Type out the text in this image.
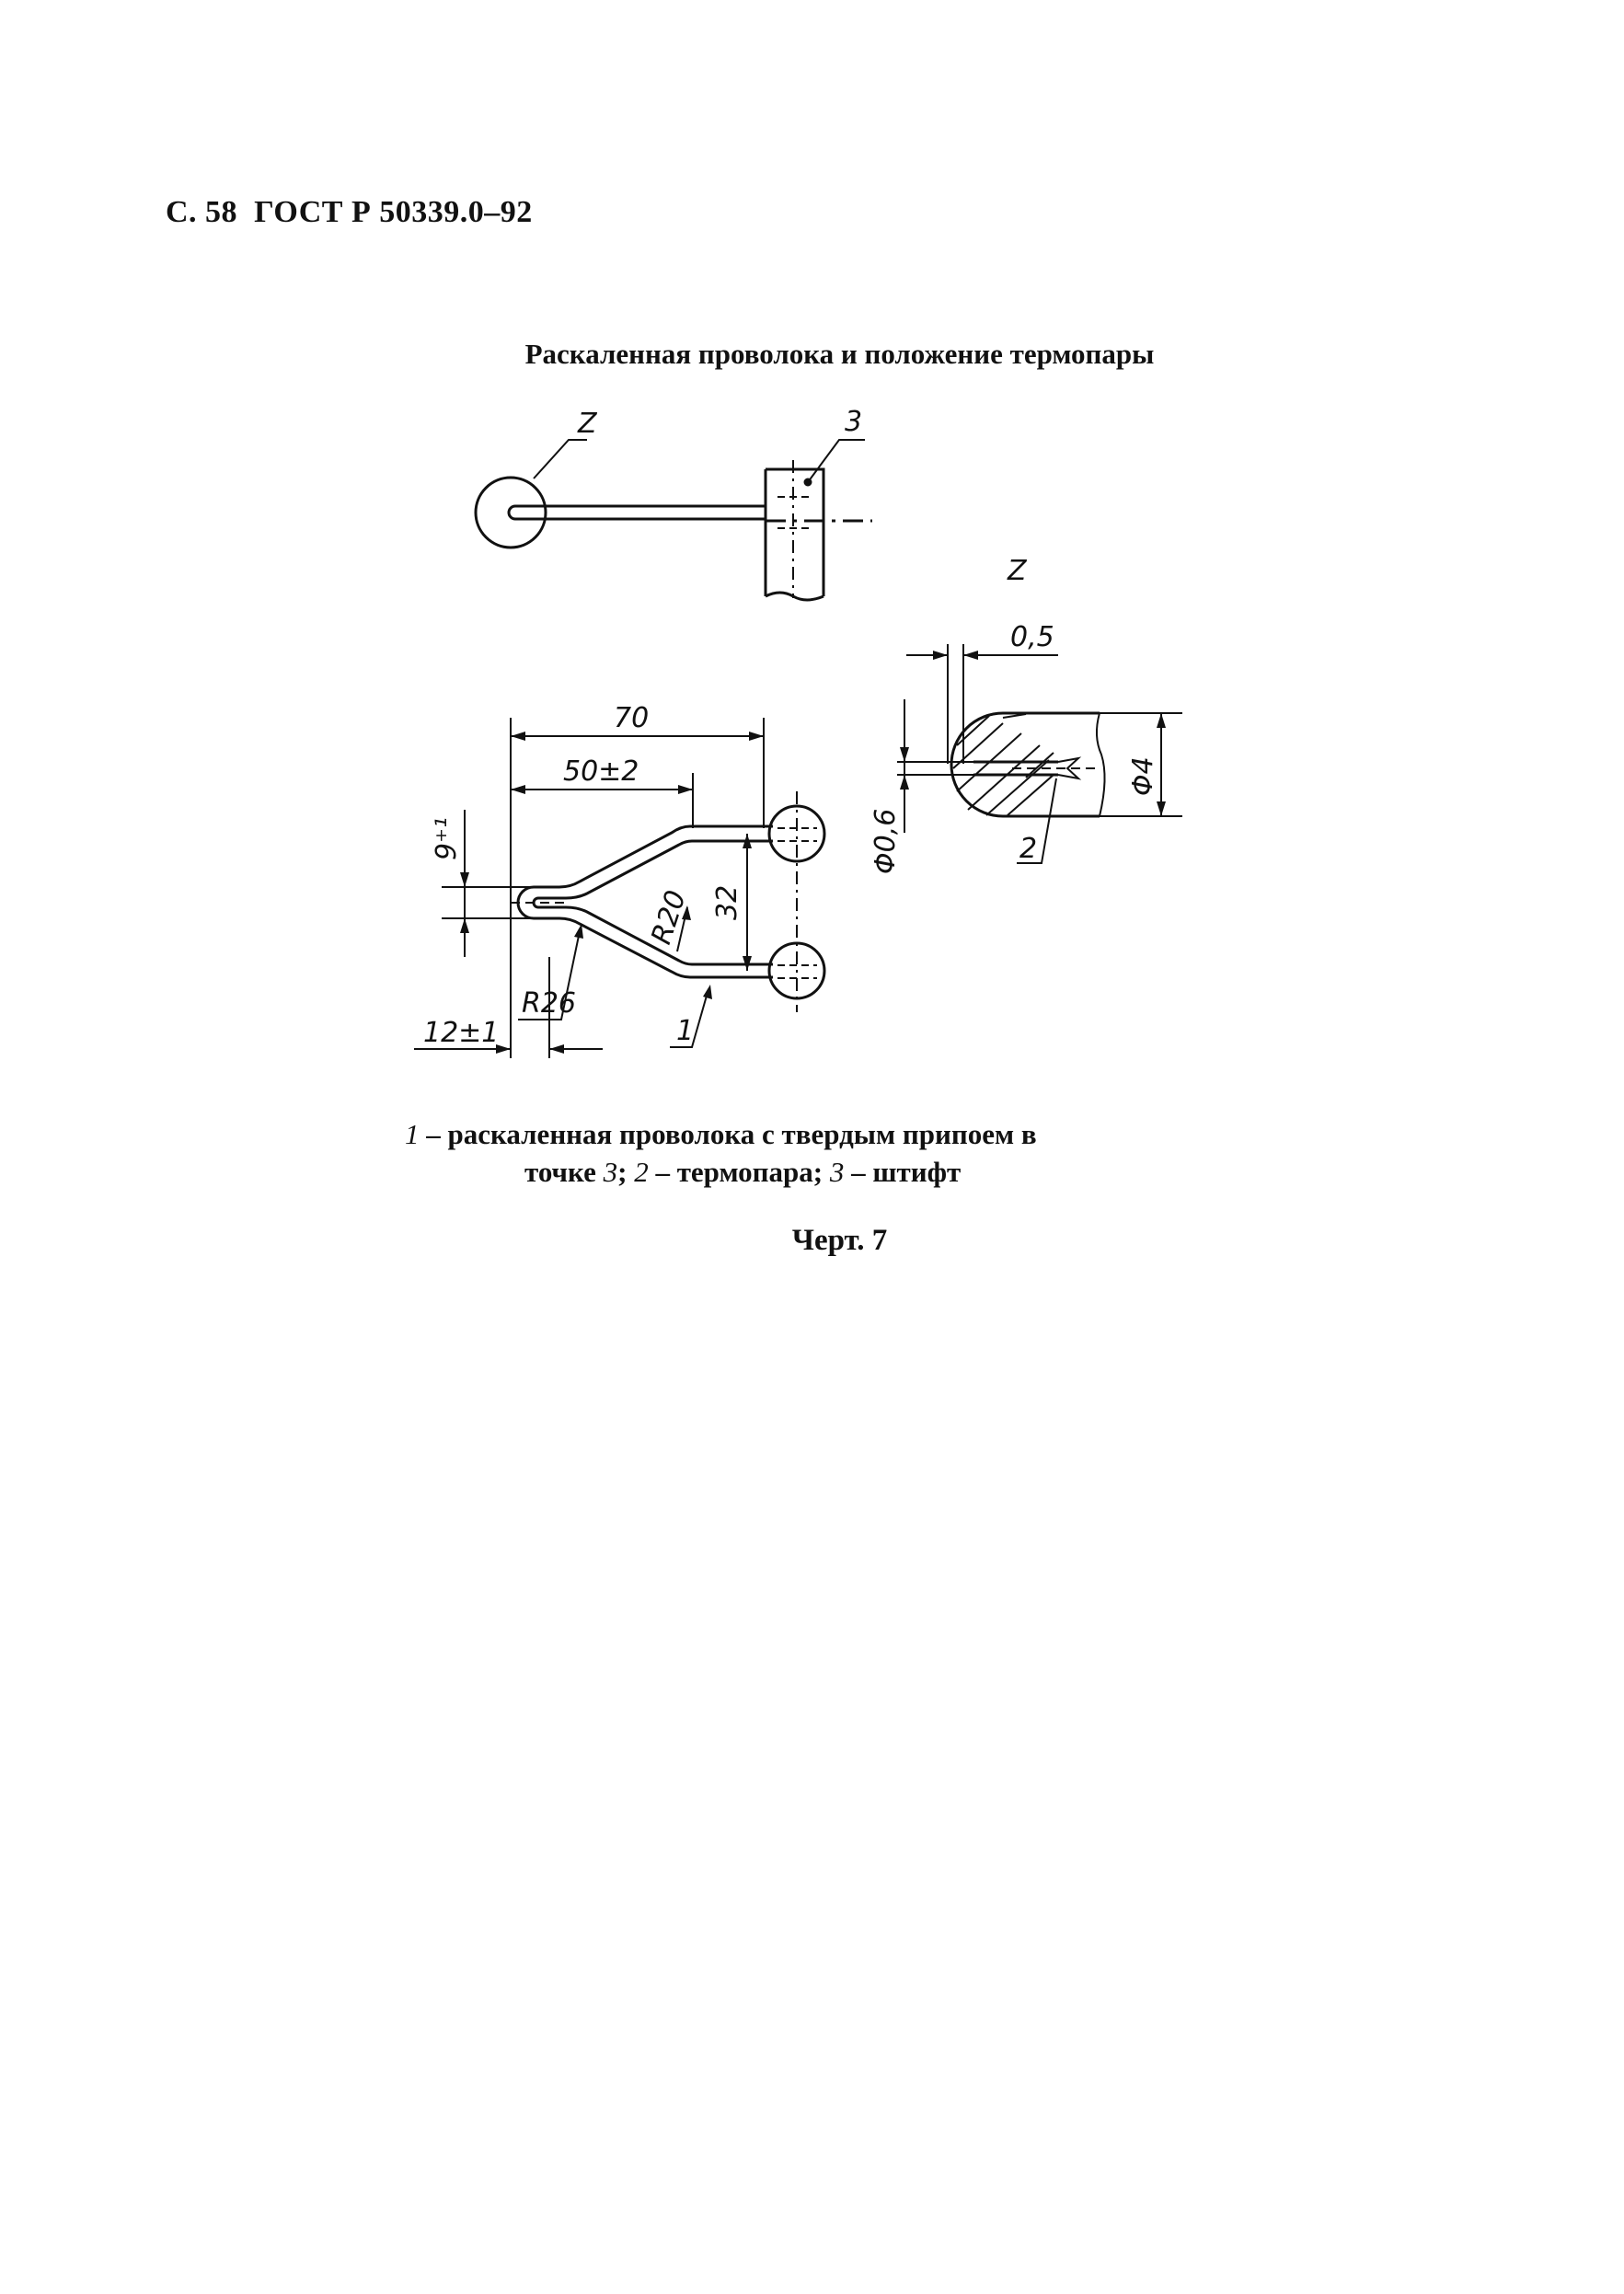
С. 58 ГОСТ Р 50339.0–92
Раскаленная проволока и положение термопары
Z	3
Z
0,5
Φ0,6
Φ4
2
70
50±2
9⁺¹
R20 32
R26
12±1	1
1 – раскаленная проволока с твердым припоем в
точке 3; 2 – термопара; 3 – штифт
Черт. 7
